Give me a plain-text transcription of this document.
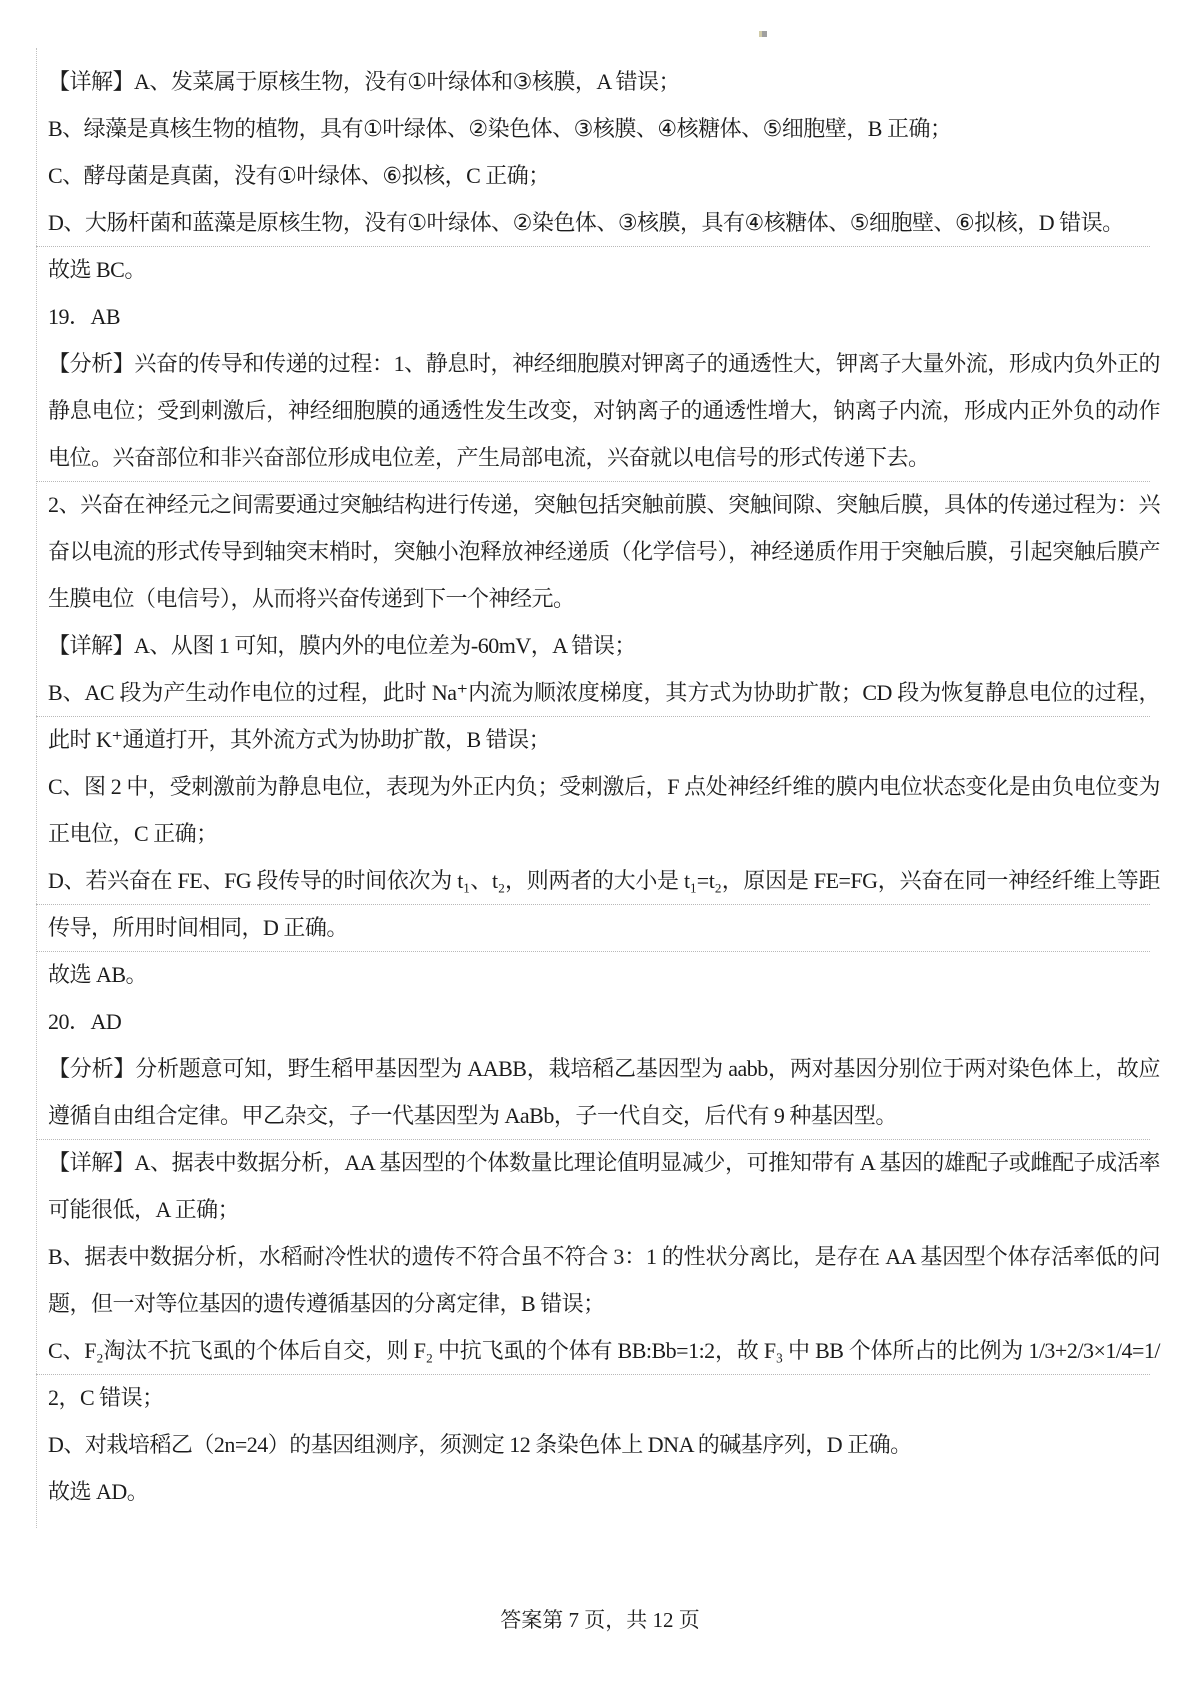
【详解】A、发菜属于原核生物，没有①叶绿体和③核膜，A 错误；

B、绿藻是真核生物的植物，具有①叶绿体、②染色体、③核膜、④核糖体、⑤细胞壁，B 正确；

C、酵母菌是真菌，没有①叶绿体、⑥拟核，C 正确；

D、大肠杆菌和蓝藻是原核生物，没有①叶绿体、②染色体、③核膜，具有④核糖体、⑤细胞壁、⑥拟核，D 错误。

故选 BC。

19．AB

【分析】兴奋的传导和传递的过程：1、静息时，神经细胞膜对钾离子的通透性大，钾离子大量外流，形成内负外正的静息电位；受到刺激后，神经细胞膜的通透性发生改变，对钠离子的通透性增大，钠离子内流，形成内正外负的动作电位。兴奋部位和非兴奋部位形成电位差，产生局部电流，兴奋就以电信号的形式传递下去。

2、兴奋在神经元之间需要通过突触结构进行传递，突触包括突触前膜、突触间隙、突触后膜，具体的传递过程为：兴奋以电流的形式传导到轴突末梢时，突触小泡释放神经递质（化学信号），神经递质作用于突触后膜，引起突触后膜产生膜电位（电信号），从而将兴奋传递到下一个神经元。

【详解】A、从图 1 可知，膜内外的电位差为-60mV，A 错误；

B、AC 段为产生动作电位的过程，此时 Na⁺内流为顺浓度梯度，其方式为协助扩散；CD 段为恢复静息电位的过程，此时 K⁺通道打开，其外流方式为协助扩散，B 错误；

C、图 2 中，受刺激前为静息电位，表现为外正内负；受刺激后，F 点处神经纤维的膜内电位状态变化是由负电位变为正电位，C 正确；

D、若兴奋在 FE、FG 段传导的时间依次为 t₁、t₂，则两者的大小是 t₁=t₂，原因是 FE=FG，兴奋在同一神经纤维上等距传导，所用时间相同，D 正确。

故选 AB。

20．AD

【分析】分析题意可知，野生稻甲基因型为 AABB，栽培稻乙基因型为 aabb，两对基因分别位于两对染色体上，故应遵循自由组合定律。甲乙杂交，子一代基因型为 AaBb，子一代自交，后代有 9 种基因型。

【详解】A、据表中数据分析，AA 基因型的个体数量比理论值明显减少，可推知带有 A 基因的雄配子或雌配子成活率可能很低，A 正确；

B、据表中数据分析，水稻耐冷性状的遗传不符合虽不符合 3：1 的性状分离比，是存在 AA 基因型个体存活率低的问题，但一对等位基因的遗传遵循基因的分离定律，B 错误；

C、F₂淘汰不抗飞虱的个体后自交，则 F₂ 中抗飞虱的个体有 BB:Bb=1:2，故 F₃ 中 BB 个体所占的比例为 1/3+2/3×1/4=1/2，C 错误；

D、对栽培稻乙（2n=24）的基因组测序，须测定 12 条染色体上 DNA 的碱基序列，D 正确。

故选 AD。

答案第 7 页，共 12 页
